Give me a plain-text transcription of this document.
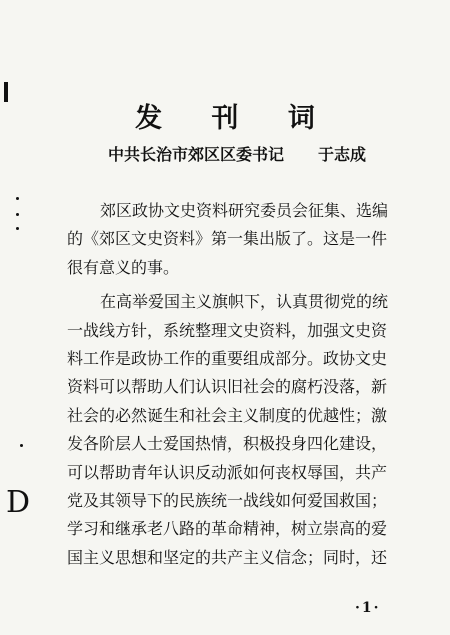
发 刊 词
中共长治市郊区区委书记 于志成
郊区政协文史资料研究委员会征集、选编
的《郊区文史资料》第一集出版了。这是一件
很有意义的事。
在高举爱国主义旗帜下，认真贯彻党的统
一战线方针，系统整理文史资料，加强文史资
料工作是政协工作的重要组成部分。政协文史
资料可以帮助人们认识旧社会的腐朽没落，新
社会的必然诞生和社会主义制度的优越性；激
发各阶层人士爱国热情，积极投身四化建设，
可以帮助青年认识反动派如何丧权辱国，共产
党及其领导下的民族统一战线如何爱国救国；
学习和继承老八路的革命精神，树立崇高的爱
国主义思想和坚定的共产主义信念；同时，还
·1·
D
